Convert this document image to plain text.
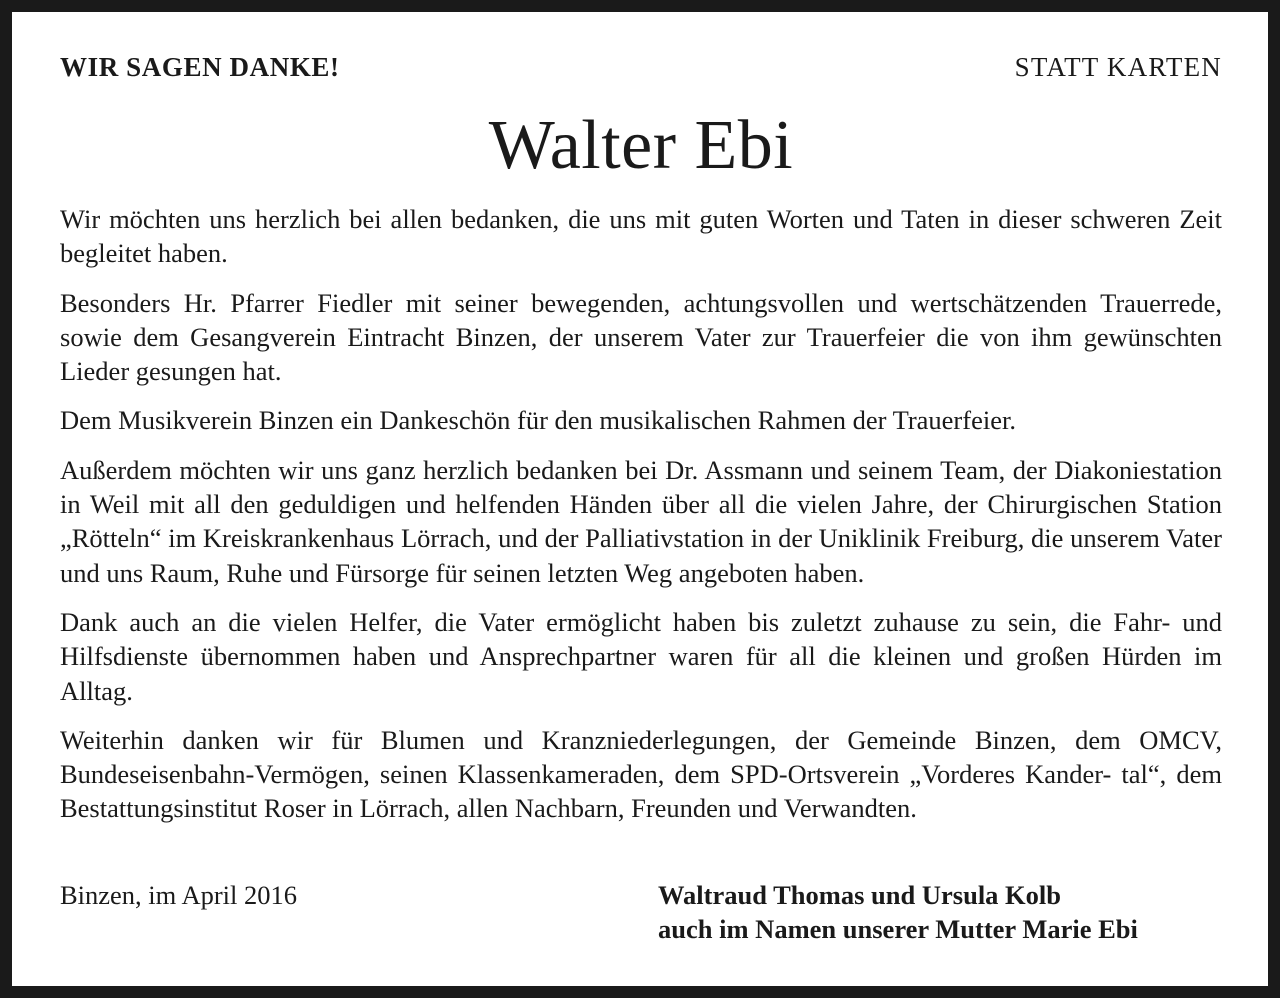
WIR SAGEN DANKE!	STATT KARTEN
Walter Ebi

Wir möchten uns herzlich bei allen bedanken, die uns mit guten Worten und Taten in dieser schweren Zeit begleitet haben.

Besonders Hr. Pfarrer Fiedler mit seiner bewegenden, achtungsvollen und wertschätzenden Trauerrede, sowie dem Gesangverein Eintracht Binzen, der unserem Vater zur Trauerfeier die von ihm gewünschten Lieder gesungen hat.

Dem Musikverein Binzen ein Dankeschön für den musikalischen Rahmen der Trauerfeier.

Außerdem möchten wir uns ganz herzlich bedanken bei Dr. Assmann und seinem Team, der Diakoniestation in Weil mit all den geduldigen und helfenden Händen über all die vielen Jahre, der Chirurgischen Station „Rötteln“ im Kreiskrankenhaus Lörrach, und der Palliativstation in der Uniklinik Freiburg, die unserem Vater und uns Raum, Ruhe und Fürsorge für seinen letzten Weg angeboten haben.

Dank auch an die vielen Helfer, die Vater ermöglicht haben bis zuletzt zuhause zu sein, die Fahr- und Hilfsdienste übernommen haben und Ansprechpartner waren für all die kleinen und großen Hürden im Alltag.

Weiterhin danken wir für Blumen und Kranzniederlegungen, der Gemeinde Binzen, dem OMCV, Bundeseisenbahn-Vermögen, seinen Klassenkameraden, dem SPD-Ortsverein „Vorderes Kander- tal“, dem Bestattungsinstitut Roser in Lörrach, allen Nachbarn, Freunden und Verwandten.

Binzen, im April 2016	Waltraud Thomas und Ursula Kolb
auch im Namen unserer Mutter Marie Ebi
